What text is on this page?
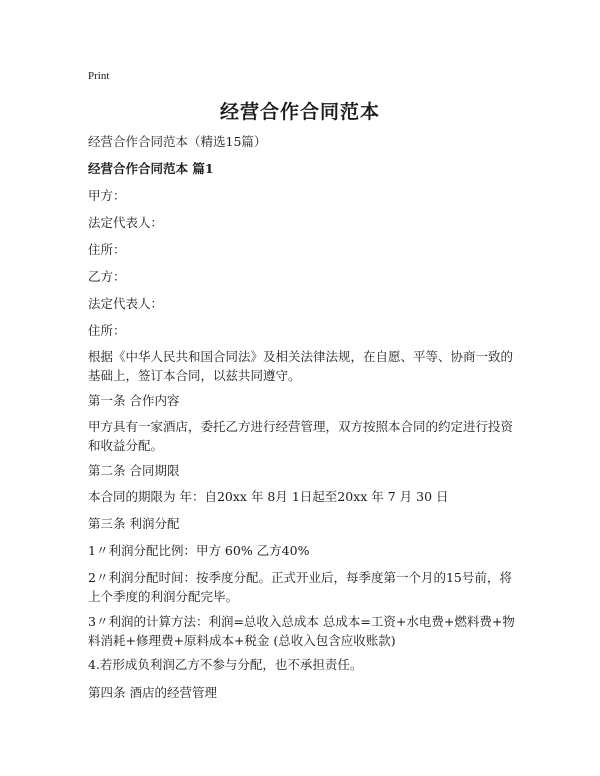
Print
经营合作合同范本
经营合作合同范本（精选15篇）
经营合作合同范本 篇1
甲方：
法定代表人：
住所：
乙方：
法定代表人：
住所：
根据《中华人民共和国合同法》及相关法律法规，在自愿、平等、协商一致的基础上，签订本合同，以兹共同遵守。
第一条 合作内容
甲方具有一家酒店，委托乙方进行经营管理，双方按照本合同的约定进行投资和收益分配。
第二条 合同期限
本合同的期限为 年：自20xx 年 8月 1日起至20xx 年 7 月 30 日
第三条 利润分配
1〃利润分配比例：甲方 60% 乙方40%
2〃利润分配时间：按季度分配。正式开业后，每季度第一个月的15号前，将上个季度的利润分配完毕。
3〃利润的计算方法：利润=总收入总成本 总成本=工资+水电费+燃料费+物料消耗+修理费+原料成本+税金 (总收入包含应收账款)
4.若形成负利润乙方不参与分配，也不承担责任。
第四条 酒店的经营管理
